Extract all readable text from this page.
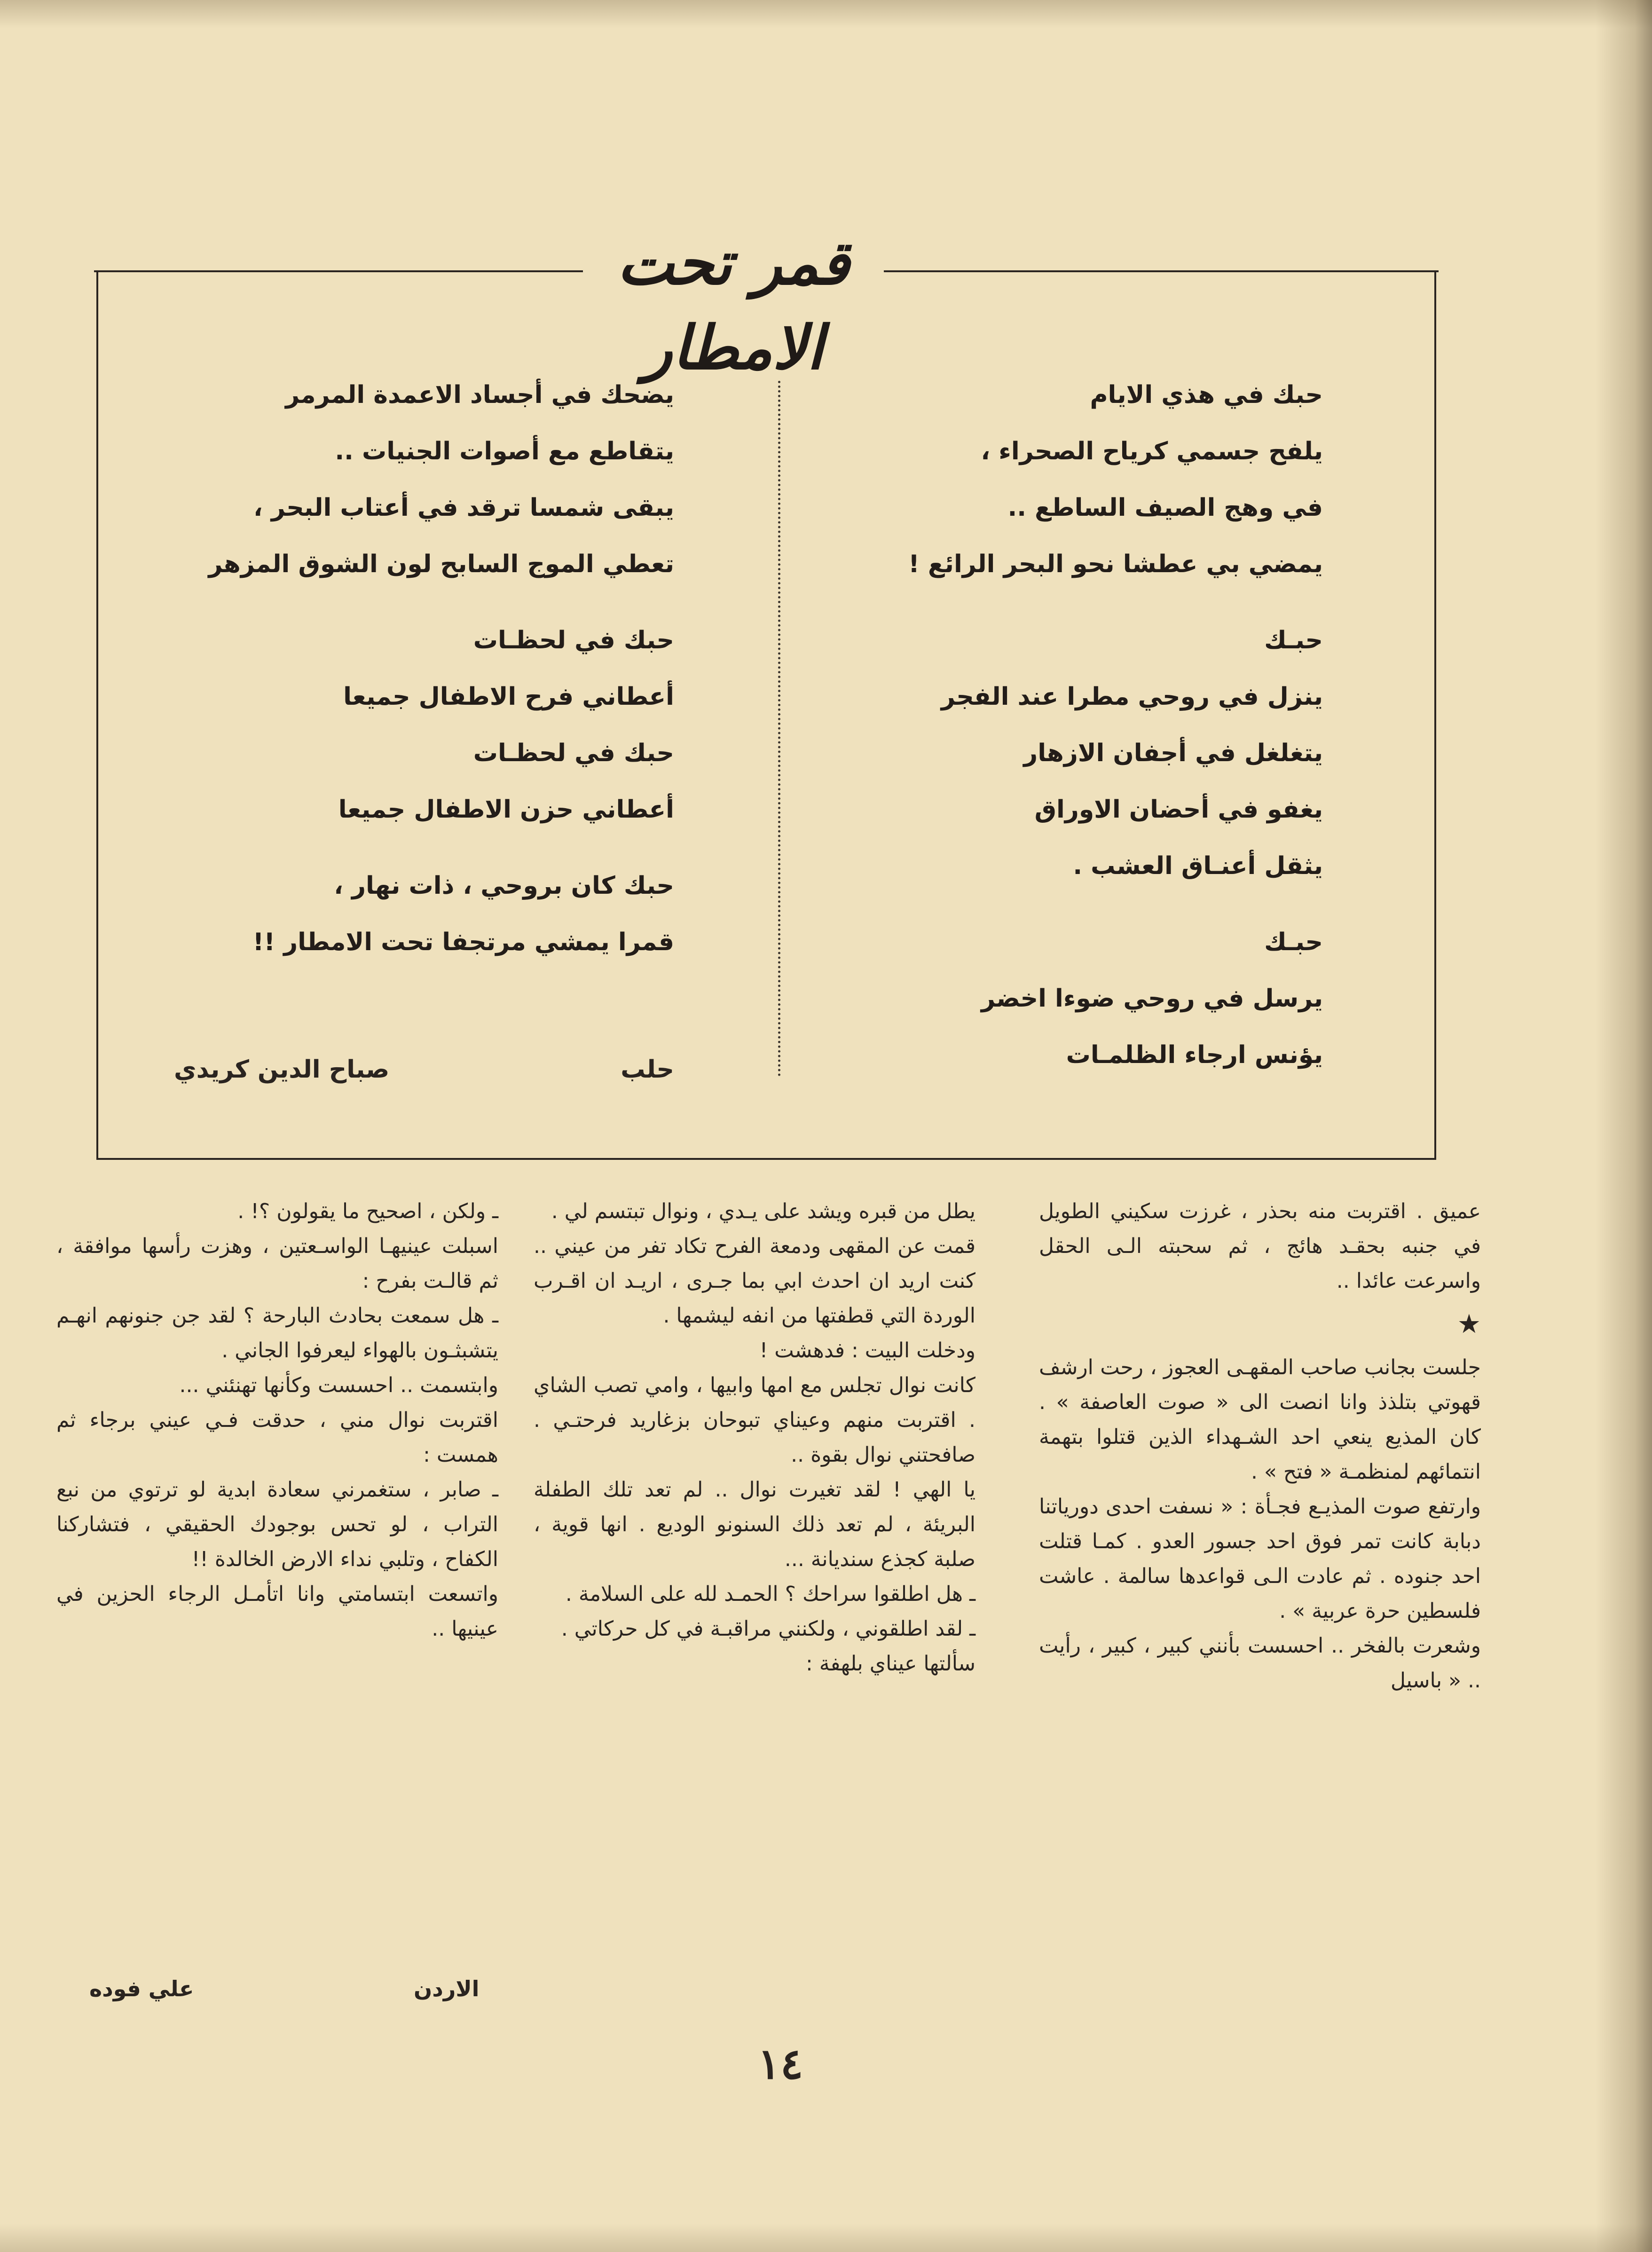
قمر تحت الامطار
حبك في هذي الايام
يلفح جسمي كرياح الصحراء ،
في وهج الصيف الساطع ..
يمضي بي عطشا نحو البحر الرائع !
حبـك
ينزل في روحي مطرا عند الفجر
يتغلغل في أجفان الازهار
يغفو في أحضان الاوراق
يثقل أعنـاق العشب .
حبـك
يرسل في روحي ضوءا اخضر
يؤنس ارجاء الظلمـات
يضحك في أجساد الاعمدة المرمر
يتقاطع مع أصوات الجنيات ..
يبقى شمسا ترقد في أعتاب البحر ،
تعطي الموج السابح لون الشوق المزهر
حبك في لحظـات
أعطاني فرح الاطفال جميعا
حبك في لحظـات
أعطاني حزن الاطفال جميعا
حبك كان بروحي ، ذات نهار ،
قمرا يمشي مرتجفا تحت الامطار !!
حلب
صباح الدين كريدي

عميق . اقتربت منه بحذر ، غرزت سكيني الطويل في جنبه بحقـد هائج ، ثم سحبته الـى الحقل واسرعت عائدا ..

★

جلست بجانب صاحب المقهـى العجوز ، رحت ارشف قهوتي بتلذذ وانا انصت الى « صوت العاصفة » . كان المذيع ينعي احد الشـهداء الذين قتلوا بتهمة انتمائهم لمنظمـة « فتح » .

وارتفع صوت المذيـع فجـأة : « نسفت احدى دورياتنا دبابة كانت تمر فوق احد جسور العدو . كمـا قتلت احد جنوده . ثم عادت الـى قواعدها سالمة . عاشت فلسطين حرة عربية » .

وشعرت بالفخر .. احسست بأنني كبير ، كبير ، رأيت .. « باسيل

يطل من قبره ويشد على يـدي ، ونوال تبتسم لي .

قمت عن المقهى ودمعة الفرح تكاد تفر من عيني .. كنت اريد ان احدث ابي بما جـرى ، اريـد ان اقـرب الوردة التي قطفتها من انفه ليشمها .

ودخلت البيت : فدهشت !

كانت نوال تجلس مع امها وابيها ، وامي تصب الشاي . اقتربت منهم وعيناي تبوحان بزغاريد فرحتـي . صافحتني نوال بقوة ..

يا الهي ! لقد تغيرت نوال .. لم تعد تلك الطفلة البريئة ، لم تعد ذلك السنونو الوديع . انها قوية ، صلبة كجذع سنديانة ...

ـ هل اطلقوا سراحك ؟ الحمـد لله على السلامة .

ـ لقد اطلقوني ، ولكنني مراقبـة في كل حركاتي .

سألتها عيناي بلهفة :

ـ ولكن ، اصحيح ما يقولون ؟! .

اسبلت عينيهـا الواسـعتين ، وهزت رأسها موافقة ، ثم قالـت بفرح :

ـ هل سمعت بحادث البارحة ؟ لقد جن جنونهم انهـم يتشبثـون بالهواء ليعرفوا الجاني .

وابتسمت .. احسست وكأنها تهنئني ...

اقتربت نوال مني ، حدقت فـي عيني برجاء ثم همست :

ـ صابر ، ستغمرني سعادة ابدية لو ترتوي من نبع التراب ، لو تحس بوجودك الحقيقي ، فتشاركنا الكفاح ، وتلبي نداء الارض الخالدة !!

واتسعت ابتسامتي وانا اتأمـل الرجاء الحزين في عينيها ..

الاردن
علي فوده
١٤
